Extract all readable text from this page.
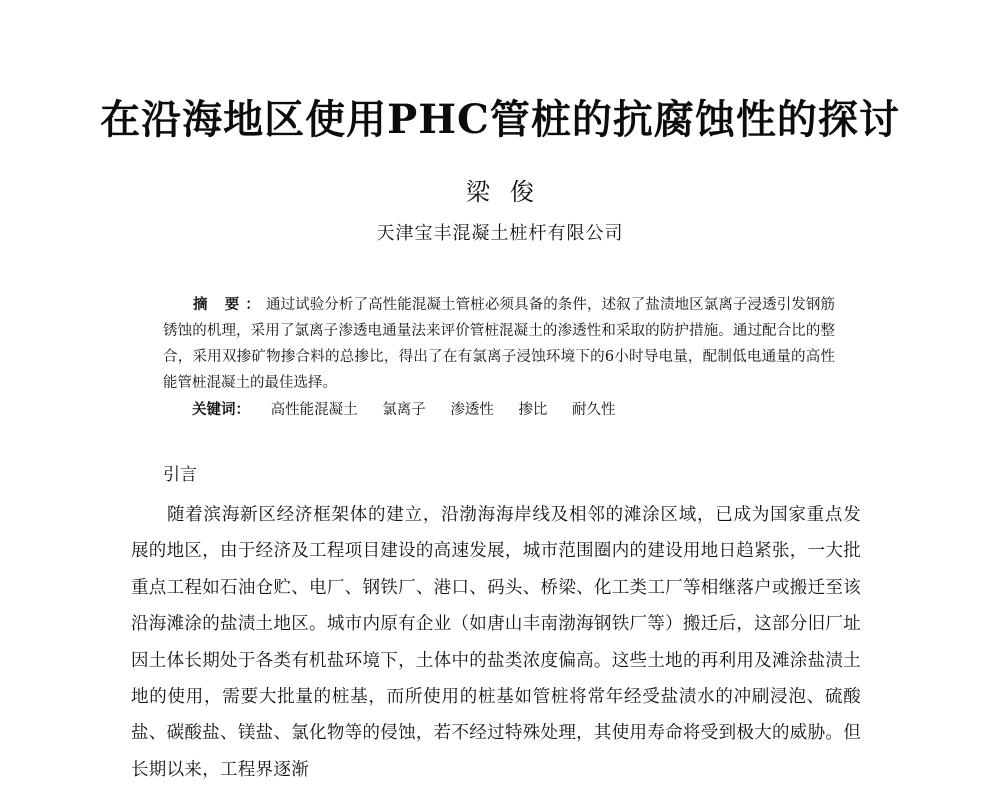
在沿海地区使用PHC管桩的抗腐蚀性的探讨
梁俊
天津宝丰混凝土桩杆有限公司
摘 要：通过试验分析了高性能混凝土管桩必须具备的条件，述叙了盐渍地区氯离子浸透引发钢筋锈蚀的机理，采用了氯离子渗透电通量法来评价管桩混凝土的渗透性和采取的防护措施。通过配合比的整合，采用双掺矿物掺合料的总掺比，得出了在有氯离子浸蚀环境下的6小时导电量，配制低电通量的高性能管桩混凝土的最佳选择。
关键词： 高性能混凝土 氯离子 渗透性 掺比 耐久性
引言
随着滨海新区经济框架体的建立，沿渤海海岸线及相邻的滩涂区域，已成为国家重点发展的地区，由于经济及工程项目建设的高速发展，城市范围圈内的建设用地日趋紧张，一大批重点工程如石油仓贮、电厂、钢铁厂、港口、码头、桥梁、化工类工厂等相继落户或搬迁至该沿海滩涂的盐渍土地区。城市内原有企业（如唐山丰南渤海钢铁厂等）搬迁后，这部分旧厂址因土体长期处于各类有机盐环境下，土体中的盐类浓度偏高。这些土地的再利用及滩涂盐渍土地的使用，需要大批量的桩基，而所使用的桩基如管桩将常年经受盐渍水的冲刷浸泡、硫酸盐、碳酸盐、镁盐、氯化物等的侵蚀，若不经过特殊处理，其使用寿命将受到极大的威胁。但长期以来，工程界逐渐
